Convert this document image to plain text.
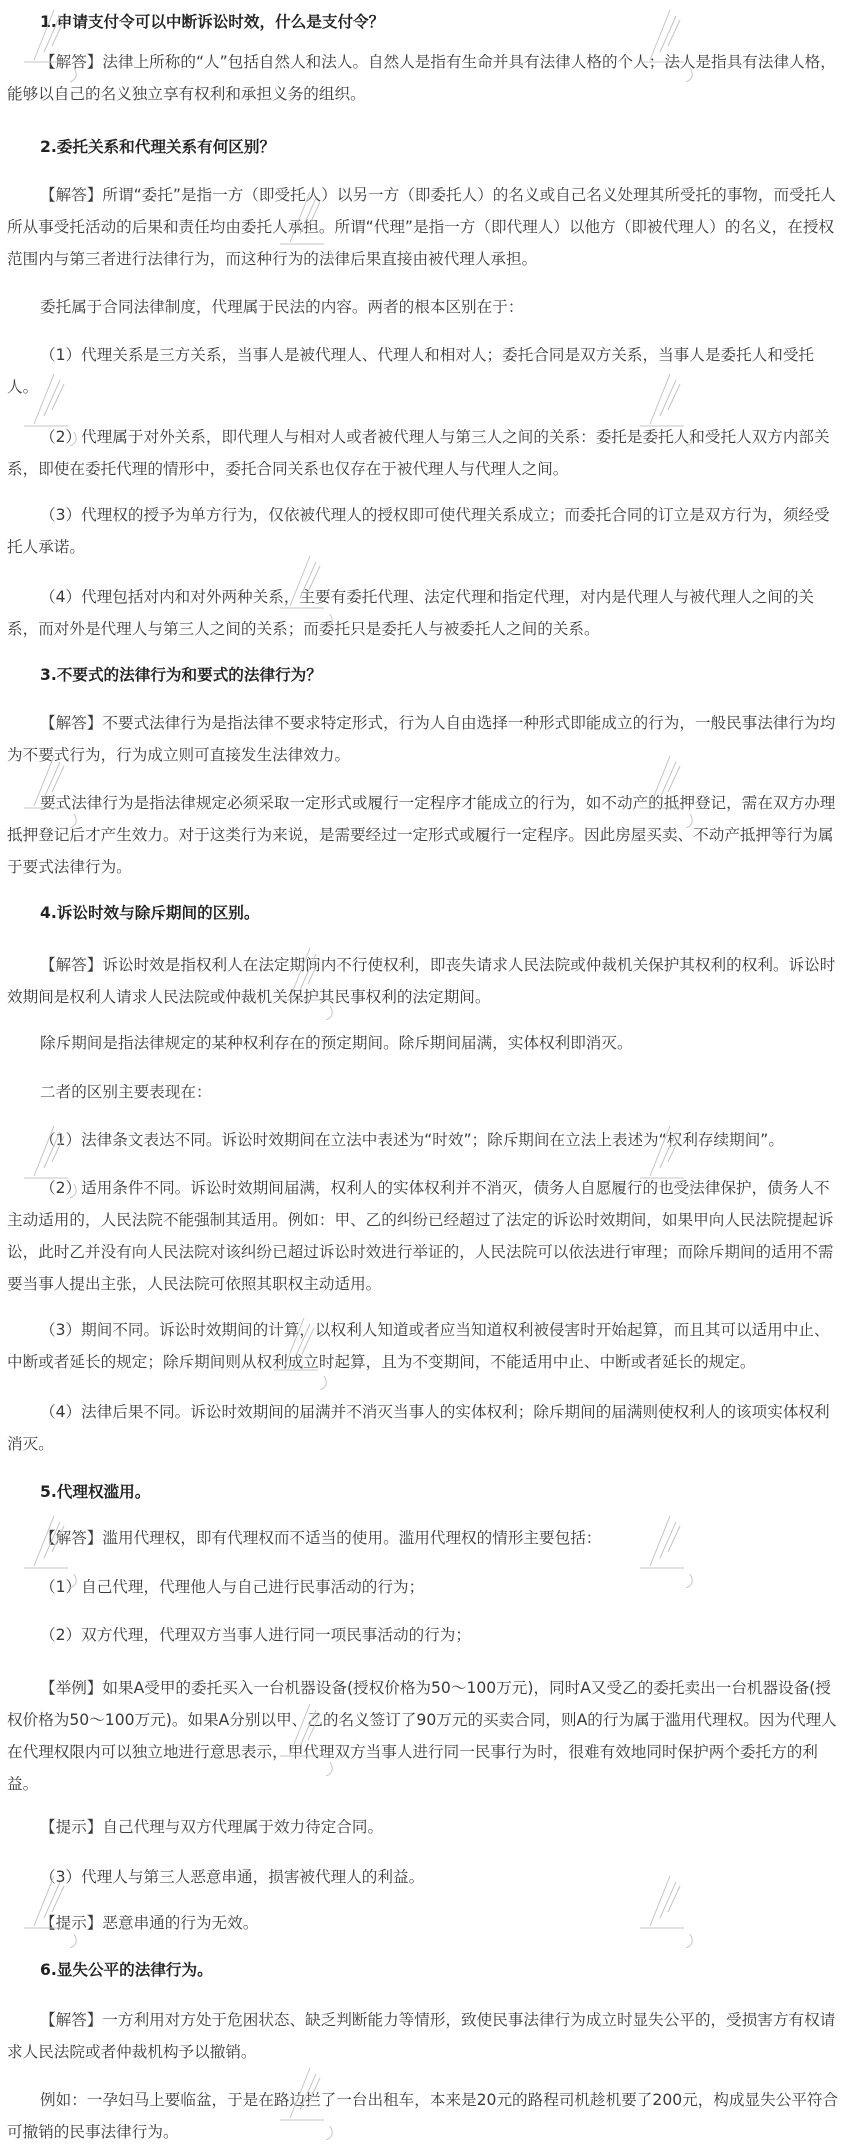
1.申请支付令可以中断诉讼时效，什么是支付令？
【解答】法律上所称的“人”包括自然人和法人。自然人是指有生命并具有法律人格的个人；法人是指具有法律人格，能够以自己的名义独立享有权利和承担义务的组织。
2.委托关系和代理关系有何区别？
【解答】所谓“委托”是指一方（即受托人）以另一方（即委托人）的名义或自己名义处理其所受托的事物，而受托人所从事受托活动的后果和责任均由委托人承担。所谓“代理”是指一方（即代理人）以他方（即被代理人）的名义，在授权范围内与第三者进行法律行为，而这种行为的法律后果直接由被代理人承担。
委托属于合同法律制度，代理属于民法的内容。两者的根本区别在于：
（1）代理关系是三方关系，当事人是被代理人、代理人和相对人；委托合同是双方关系，当事人是委托人和受托人。
（2）代理属于对外关系，即代理人与相对人或者被代理人与第三人之间的关系：委托是委托人和受托人双方内部关系，即使在委托代理的情形中，委托合同关系也仅存在于被代理人与代理人之间。
（3）代理权的授予为单方行为，仅依被代理人的授权即可使代理关系成立；而委托合同的订立是双方行为，须经受托人承诺。
（4）代理包括对内和对外两种关系，主要有委托代理、法定代理和指定代理，对内是代理人与被代理人之间的关系，而对外是代理人与第三人之间的关系；而委托只是委托人与被委托人之间的关系。
3.不要式的法律行为和要式的法律行为？
【解答】不要式法律行为是指法律不要求特定形式，行为人自由选择一种形式即能成立的行为，一般民事法律行为均为不要式行为，行为成立则可直接发生法律效力。
要式法律行为是指法律规定必须采取一定形式或履行一定程序才能成立的行为，如不动产的抵押登记，需在双方办理抵押登记后才产生效力。对于这类行为来说，是需要经过一定形式或履行一定程序。因此房屋买卖、不动产抵押等行为属于要式法律行为。
4.诉讼时效与除斥期间的区别。
【解答】诉讼时效是指权利人在法定期间内不行使权利，即丧失请求人民法院或仲裁机关保护其权利的权利。诉讼时效期间是权利人请求人民法院或仲裁机关保护其民事权利的法定期间。
除斥期间是指法律规定的某种权利存在的预定期间。除斥期间届满，实体权利即消灭。
二者的区别主要表现在：
（1）法律条文表达不同。诉讼时效期间在立法中表述为“时效”；除斥期间在立法上表述为“权利存续期间”。
（2）适用条件不同。诉讼时效期间届满，权利人的实体权利并不消灭，债务人自愿履行的也受法律保护，债务人不主动适用的，人民法院不能强制其适用。例如：甲、乙的纠纷已经超过了法定的诉讼时效期间，如果甲向人民法院提起诉讼，此时乙并没有向人民法院对该纠纷已超过诉讼时效进行举证的，人民法院可以依法进行审理；而除斥期间的适用不需要当事人提出主张，人民法院可依照其职权主动适用。
（3）期间不同。诉讼时效期间的计算，以权利人知道或者应当知道权利被侵害时开始起算，而且其可以适用中止、中断或者延长的规定；除斥期间则从权利成立时起算，且为不变期间，不能适用中止、中断或者延长的规定。
（4）法律后果不同。诉讼时效期间的届满并不消灭当事人的实体权利；除斥期间的届满则使权利人的该项实体权利消灭。
5.代理权滥用。
【解答】滥用代理权，即有代理权而不适当的使用。滥用代理权的情形主要包括：
（1）自己代理，代理他人与自己进行民事活动的行为；
（2）双方代理，代理双方当事人进行同一项民事活动的行为；
【举例】如果A受甲的委托买入一台机器设备(授权价格为50～100万元)，同时A又受乙的委托卖出一台机器设备(授权价格为50～100万元)。如果A分别以甲、乙的名义签订了90万元的买卖合同，则A的行为属于滥用代理权。因为代理人在代理权限内可以独立地进行意思表示，甲代理双方当事人进行同一民事行为时，很难有效地同时保护两个委托方的利益。
【提示】自己代理与双方代理属于效力待定合同。
（3）代理人与第三人恶意串通，损害被代理人的利益。
【提示】恶意串通的行为无效。
6.显失公平的法律行为。
【解答】一方利用对方处于危困状态、缺乏判断能力等情形，致使民事法律行为成立时显失公平的，受损害方有权请求人民法院或者仲裁机构予以撤销。
例如：一孕妇马上要临盆，于是在路边拦了一台出租车，本来是20元的路程司机趁机要了200元，构成显失公平符合可撤销的民事法律行为。
